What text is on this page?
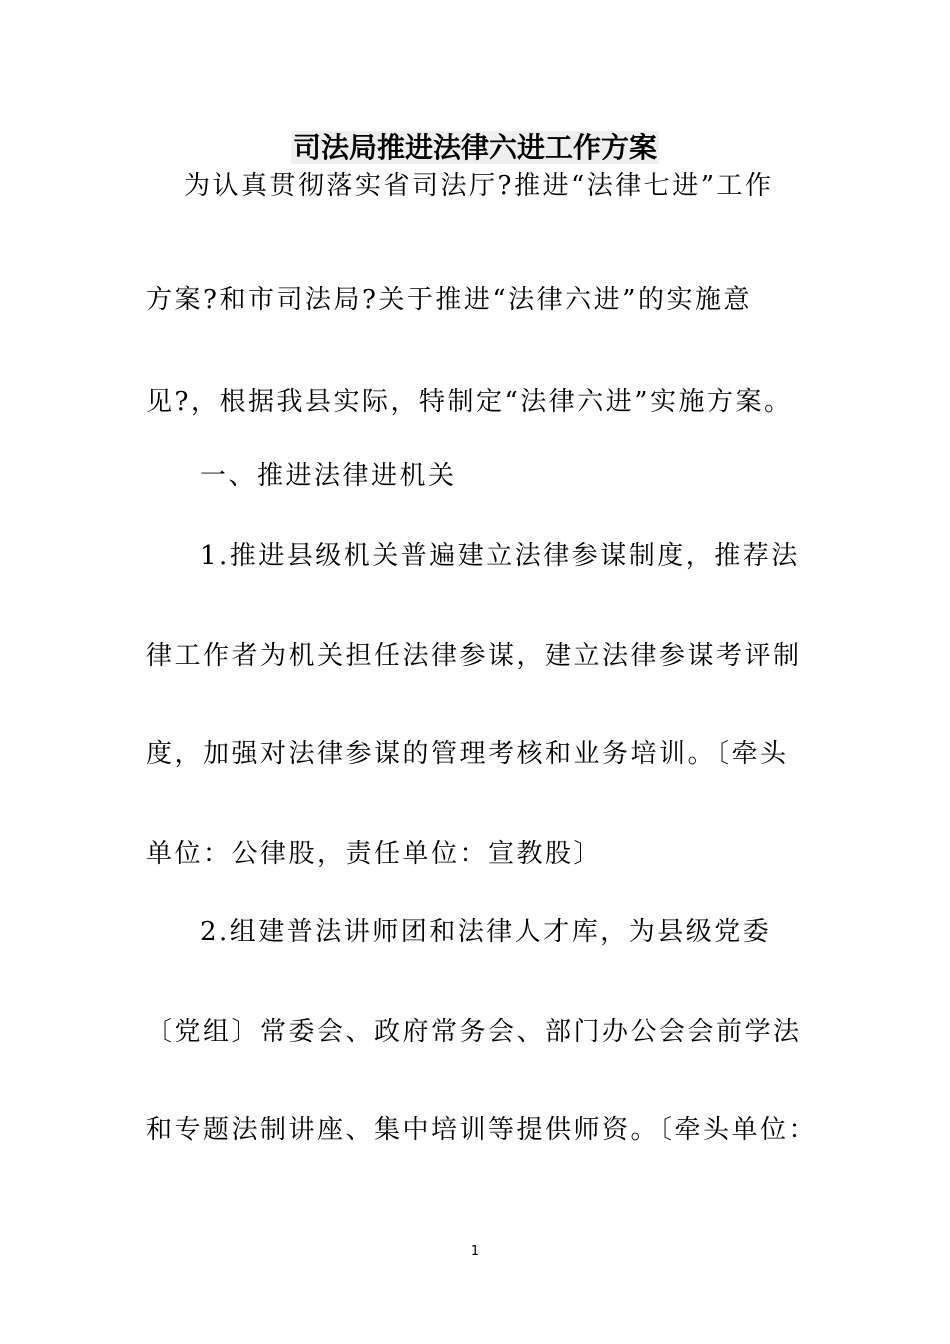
司法局推进法律六进工作方案
为认真贯彻落实省司法厅?推进“法律七进”工作
方案?和市司法局?关于推进“法律六进”的实施意
见?，根据我县实际，特制定“法律六进”实施方案。
一、推进法律进机关
1.推进县级机关普遍建立法律参谋制度，推荐法
律工作者为机关担任法律参谋，建立法律参谋考评制
度，加强对法律参谋的管理考核和业务培训。〔牵头
单位：公律股，责任单位：宣教股〕
2.组建普法讲师团和法律人才库，为县级党委
〔党组〕常委会、政府常务会、部门办公会会前学法
和专题法制讲座、集中培训等提供师资。〔牵头单位：
1
